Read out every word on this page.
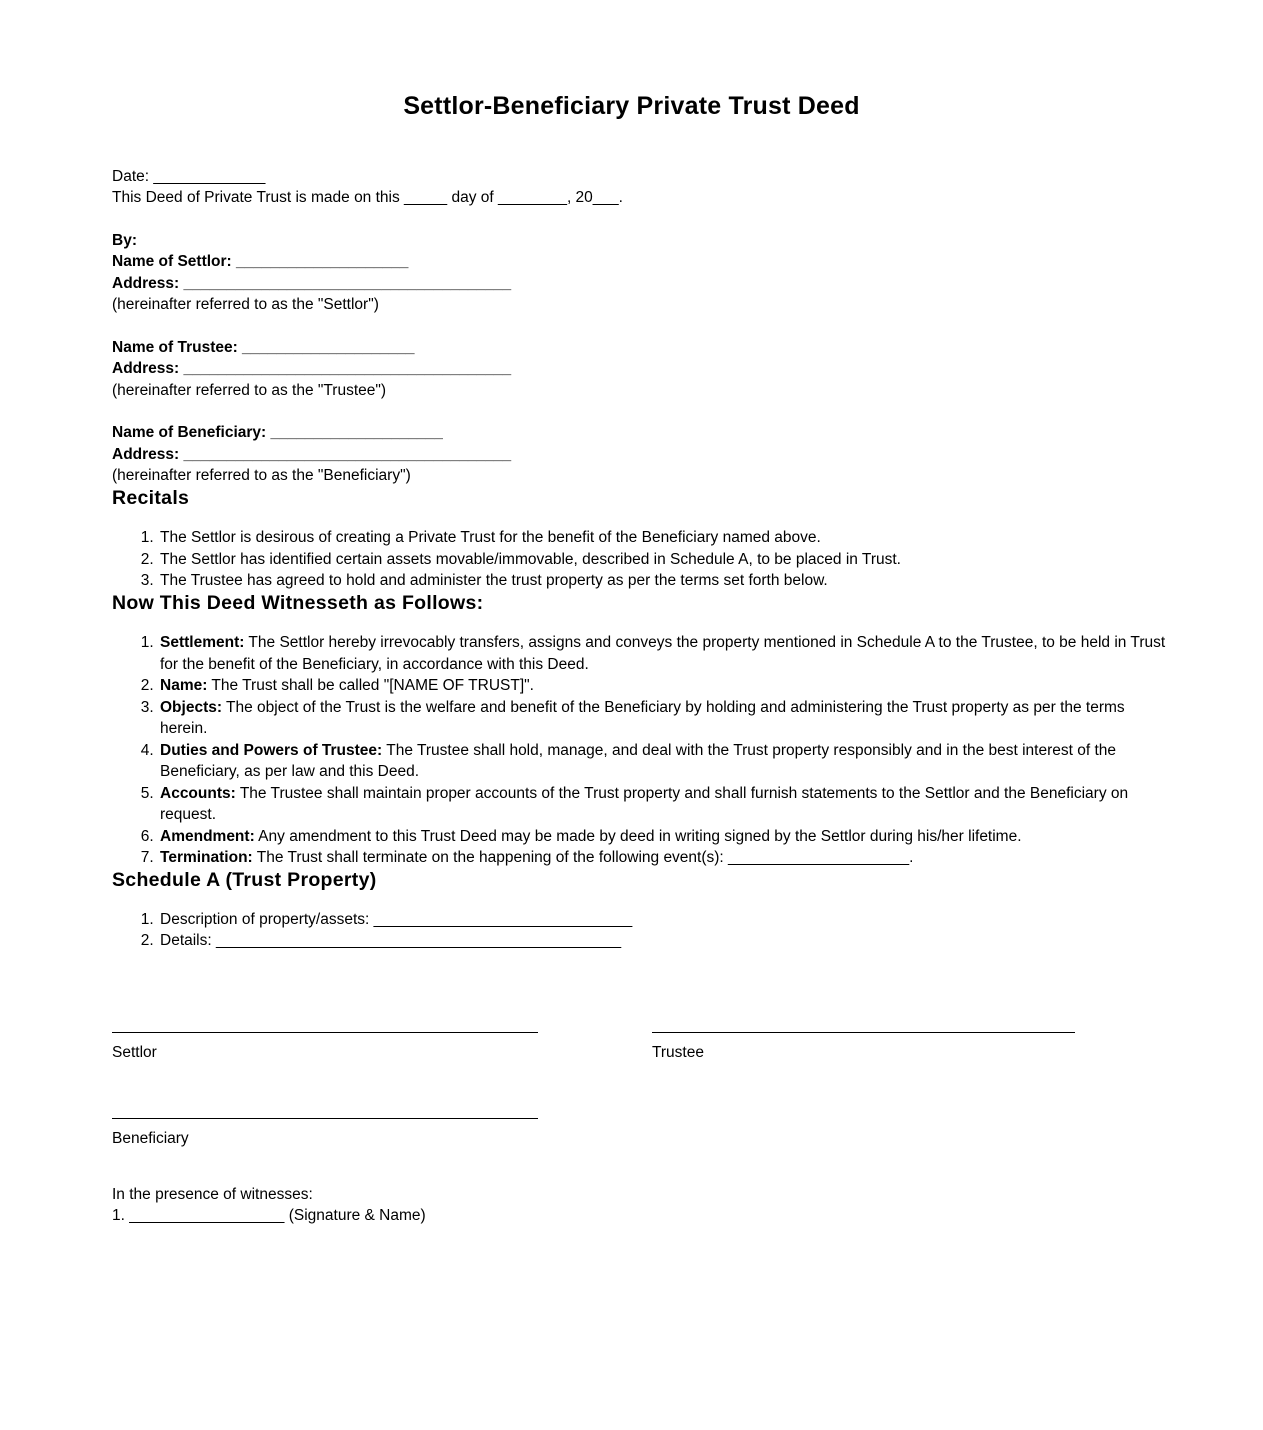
Settlor-Beneficiary Private Trust Deed
Date: _____________
This Deed of Private Trust is made on this _____ day of ________, 20___.
By:
Name of Settlor: ____________________
Address: ______________________________________
(hereinafter referred to as the "Settlor")
Name of Trustee: ____________________
Address: ______________________________________
(hereinafter referred to as the "Trustee")
Name of Beneficiary: ____________________
Address: ______________________________________
(hereinafter referred to as the "Beneficiary")
Recitals
1. The Settlor is desirous of creating a Private Trust for the benefit of the Beneficiary named above.
2. The Settlor has identified certain assets movable/immovable, described in Schedule A, to be placed in Trust.
3. The Trustee has agreed to hold and administer the trust property as per the terms set forth below.
Now This Deed Witnesseth as Follows:
1. Settlement: The Settlor hereby irrevocably transfers, assigns and conveys the property mentioned in Schedule A to the Trustee, to be held in Trust for the benefit of the Beneficiary, in accordance with this Deed.
2. Name: The Trust shall be called "[NAME OF TRUST]".
3. Objects: The object of the Trust is the welfare and benefit of the Beneficiary by holding and administering the Trust property as per the terms herein.
4. Duties and Powers of Trustee: The Trustee shall hold, manage, and deal with the Trust property responsibly and in the best interest of the Beneficiary, as per law and this Deed.
5. Accounts: The Trustee shall maintain proper accounts of the Trust property and shall furnish statements to the Settlor and the Beneficiary on request.
6. Amendment: Any amendment to this Trust Deed may be made by deed in writing signed by the Settlor during his/her lifetime.
7. Termination: The Trust shall terminate on the happening of the following event(s): _____________________.
Schedule A (Trust Property)
1. Description of property/assets: ______________________________
2. Details: _______________________________________________
Settlor	Trustee
Beneficiary
In the presence of witnesses:
1. __________________ (Signature & Name)
